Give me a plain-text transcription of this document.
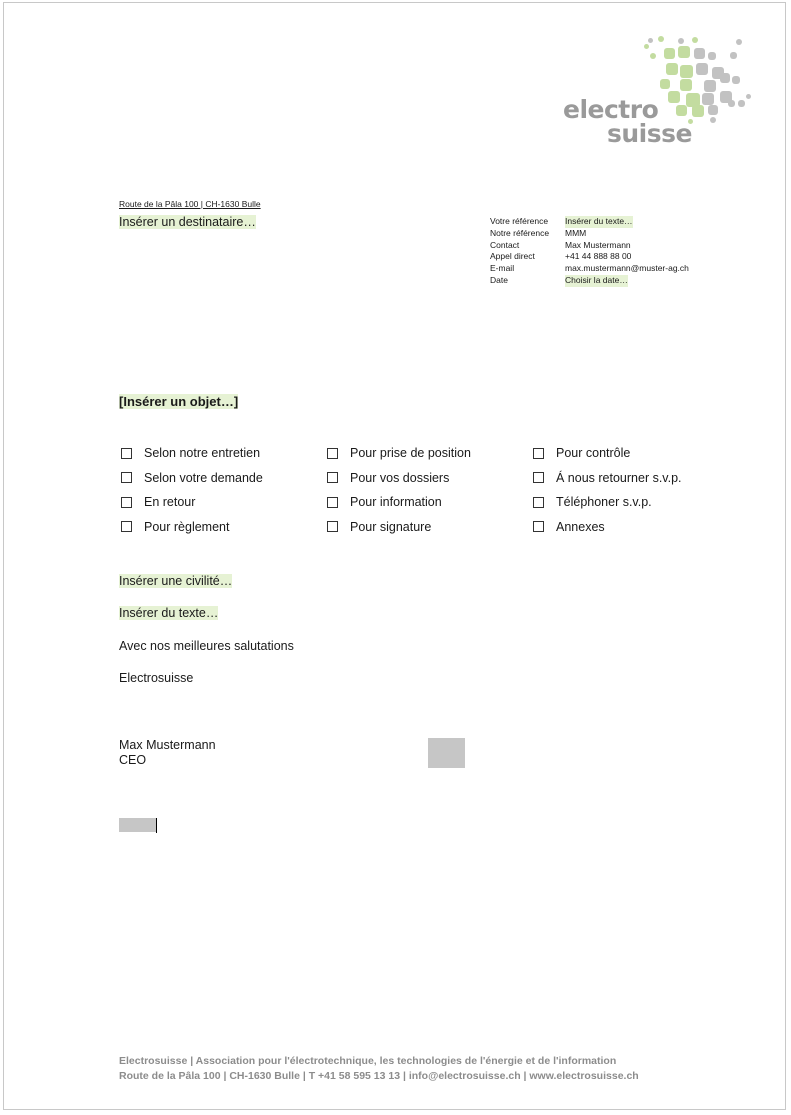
electro
suisse
Route de la Pâla 100 | CH-1630 Bulle
Insérer un destinataire…	Votre référence	Insérer du texte…
Notre référence	MMM
Contact	Max Mustermann
Appel direct	+41 44 888 88 00
E-mail	max.mustermann@muster-ag.ch
Date	Choisir la date…
[Insérer un objet…]
Selon notre entretien	Pour prise de position	Pour contrôle
Selon votre demande	Pour vos dossiers	Á nous retourner s.v.p.
En retour	Pour information	Téléphoner s.v.p.
Pour règlement	Pour signature	Annexes
Insérer une civilité…
Insérer du texte…
Avec nos meilleures salutations
Electrosuisse
Max Mustermann
CEO
Electrosuisse | Association pour l'électrotechnique, les technologies de l'énergie et de l'information
Route de la Pâla 100 | CH-1630 Bulle | T +41 58 595 13 13 | info@electrosuisse.ch | www.electrosuisse.ch
